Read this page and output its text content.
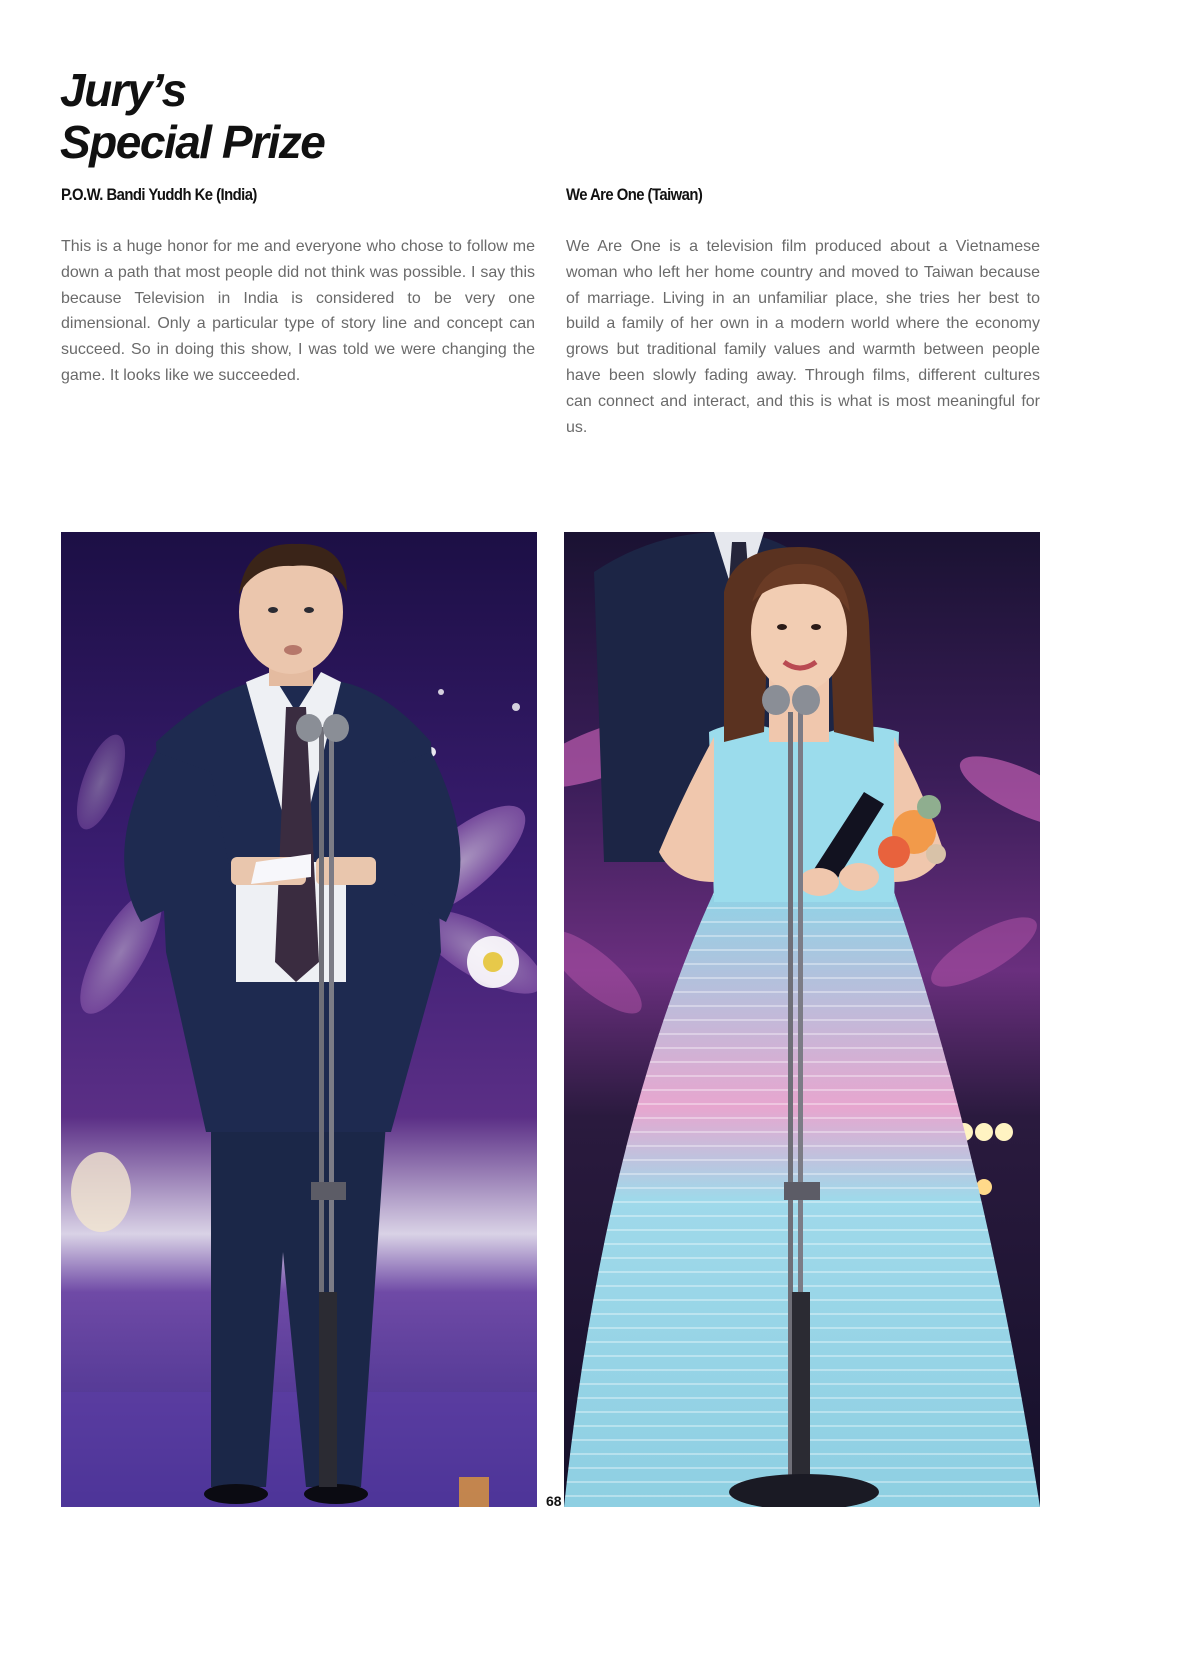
Jury’s
Special Prize
P.O.W. Bandi Yuddh Ke (India)

This is a huge honor for me and everyone who chose to follow me down a path that most people did not think was possible. I say this because Television in India is considered to be very one dimensional. Only a particular type of story line and concept can succeed. So in doing this show, I was told we were changing the game. It looks like we succeeded.

We Are One (Taiwan)

We Are One is a television film produced about a Vietnamese woman who left her home country and moved to Taiwan because of marriage. Living in an unfamiliar place, she tries her best to build a family of her own in a modern world where the economy grows but traditional family values and warmth between people have been slowly fading away. Through films, different cultures can connect and interact, and this is what is most meaningful for us.

68
